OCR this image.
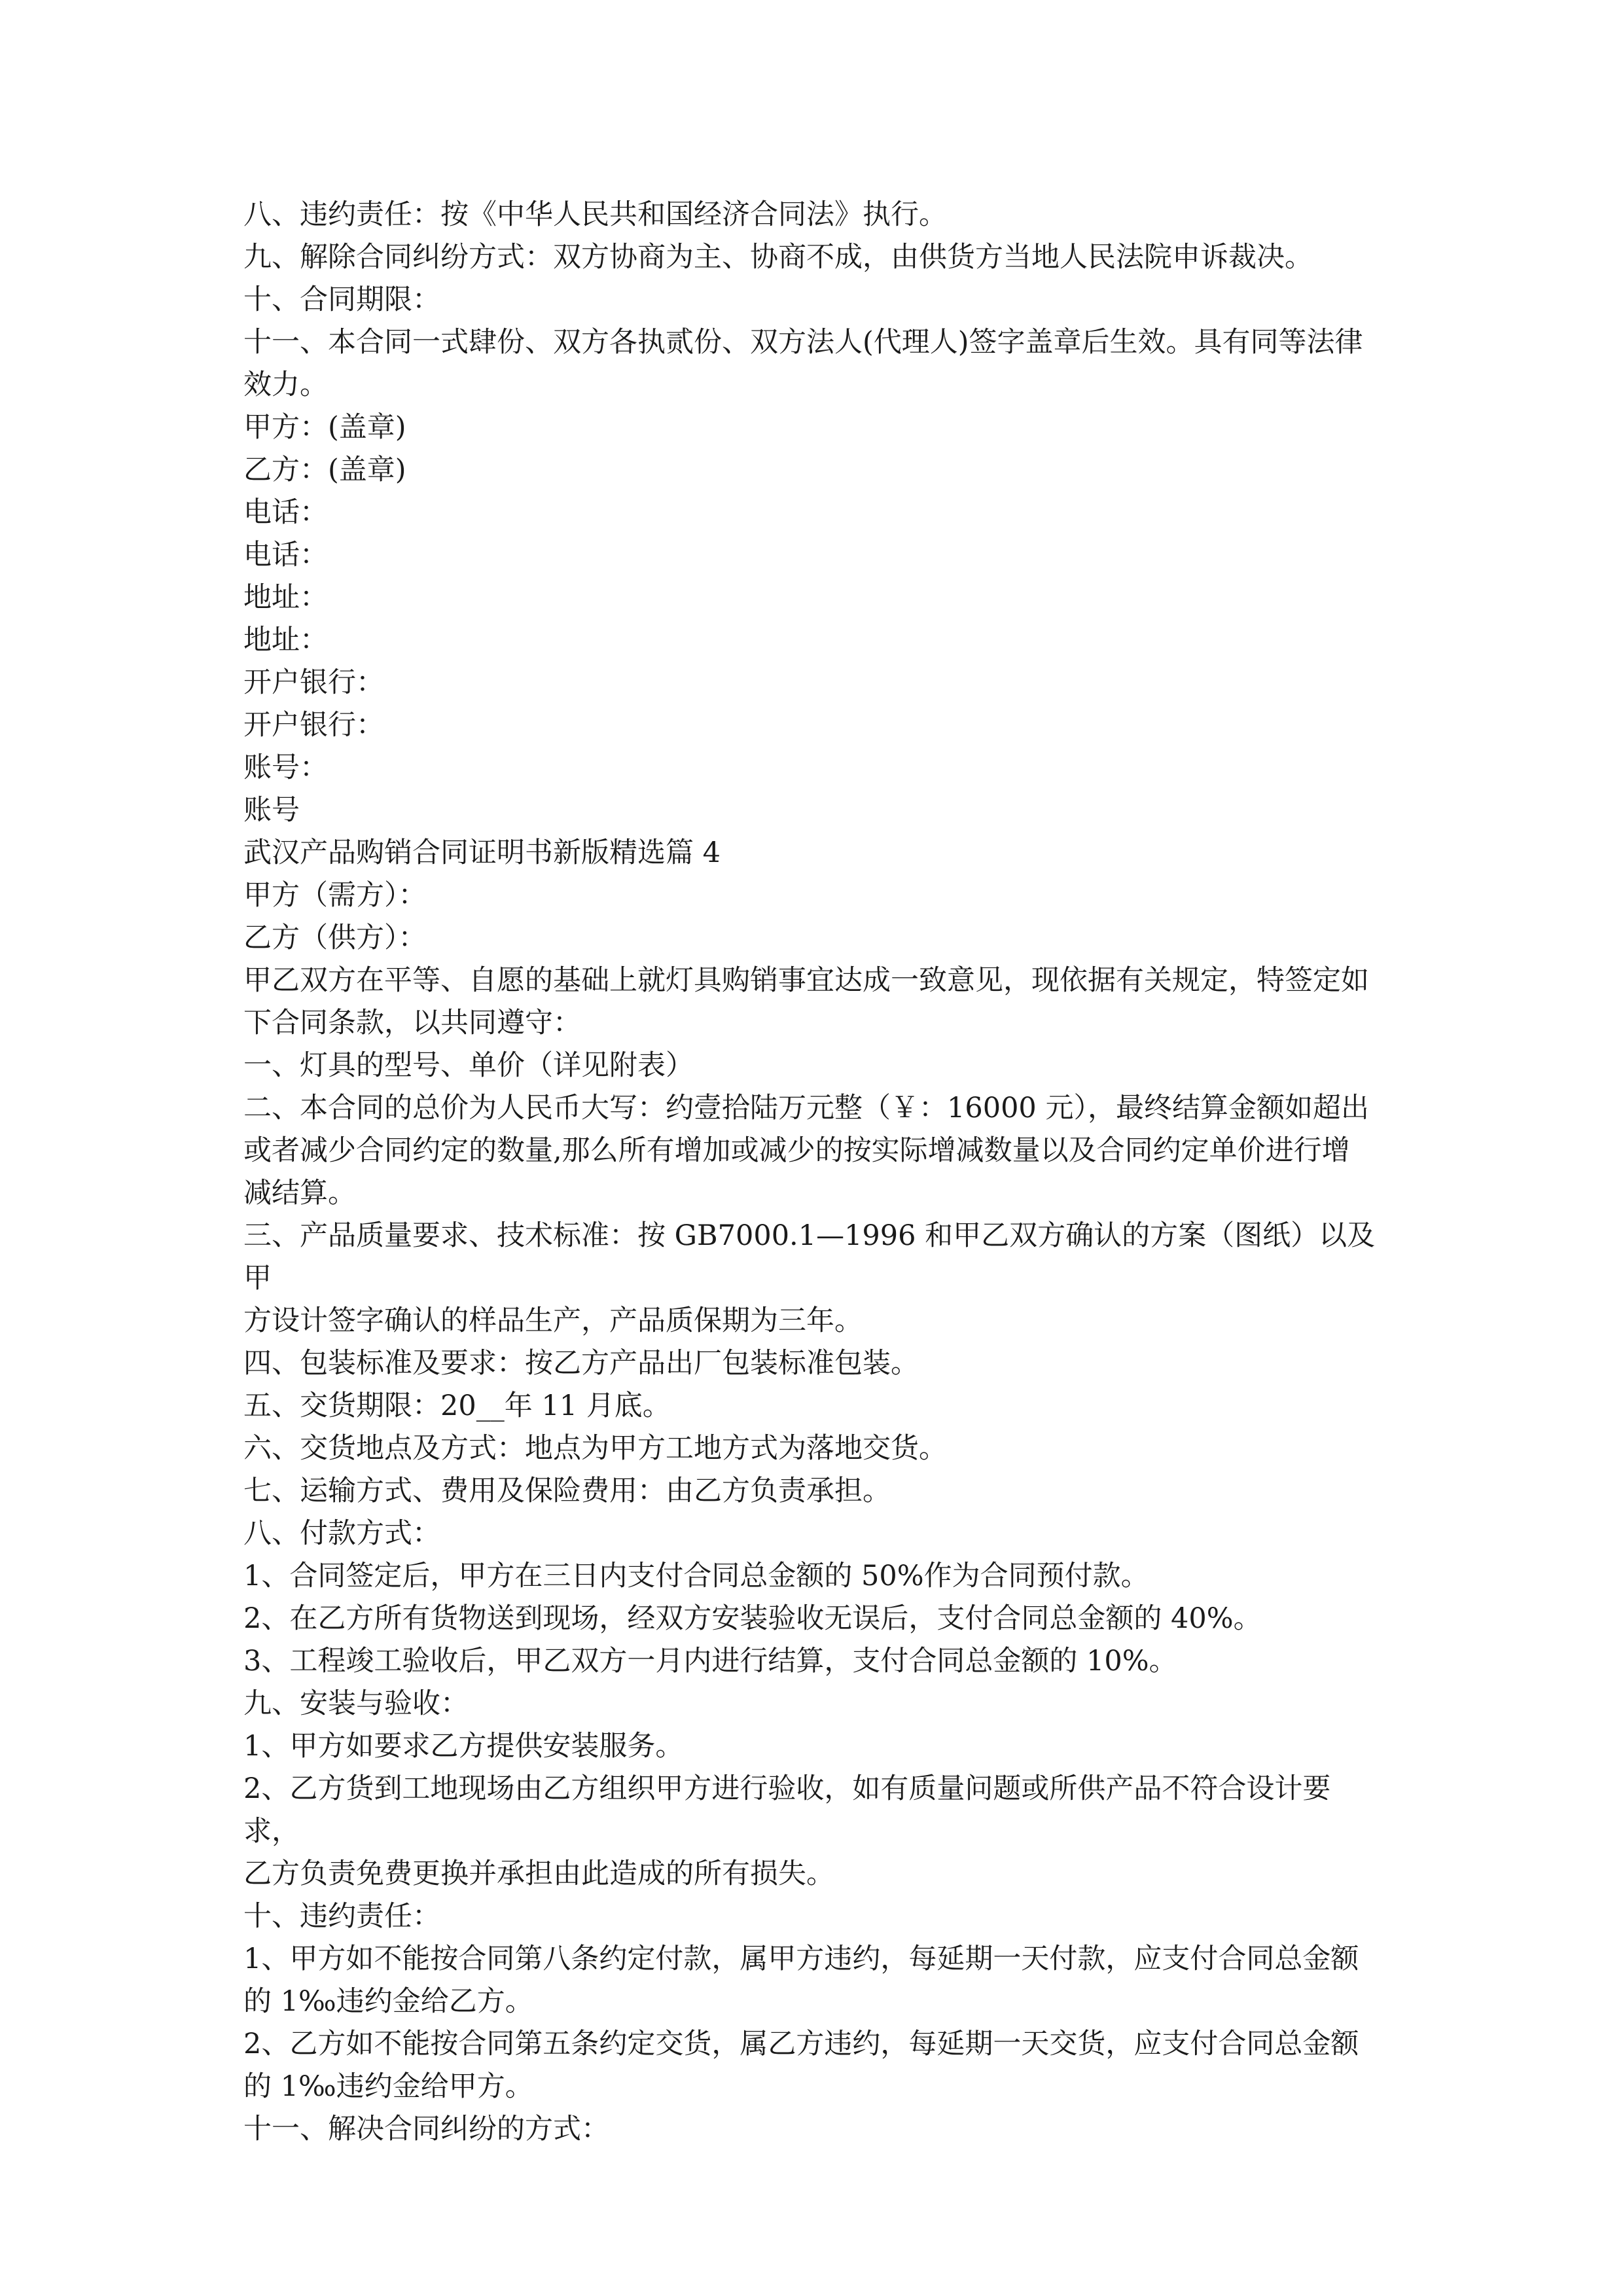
八、违约责任：按《中华人民共和国经济合同法》执行。

九、解除合同纠纷方式：双方协商为主、协商不成，由供货方当地人民法院申诉裁决。

十、合同期限：

十一、本合同一式肆份、双方各执贰份、双方法人(代理人)签字盖章后生效。具有同等法律

效力。

甲方：(盖章)

乙方：(盖章)

电话：

电话：

地址：

地址：

开户银行：

开户银行：

账号：

账号

武汉产品购销合同证明书新版精选篇 4

甲方（需方）：

乙方（供方）：

甲乙双方在平等、自愿的基础上就灯具购销事宜达成一致意见，现依据有关规定，特签定如

下合同条款，以共同遵守：

一、灯具的型号、单价（详见附表）

二、本合同的总价为人民币大写：约壹拾陆万元整（￥：16000 元），最终结算金额如超出

或者减少合同约定的数量,那么所有增加或减少的按实际增减数量以及合同约定单价进行增

减结算。

三、产品质量要求、技术标准：按 GB7000.1—1996 和甲乙双方确认的方案（图纸）以及甲

方设计签字确认的样品生产，产品质保期为三年。

四、包装标准及要求：按乙方产品出厂包装标准包装。

五、交货期限：20__年 11 月底。

六、交货地点及方式：地点为甲方工地方式为落地交货。

七、运输方式、费用及保险费用：由乙方负责承担。

八、付款方式：

1、合同签定后，甲方在三日内支付合同总金额的 50%作为合同预付款。

2、在乙方所有货物送到现场，经双方安装验收无误后，支付合同总金额的 40%。

3、工程竣工验收后，甲乙双方一月内进行结算，支付合同总金额的 10%。

九、安装与验收：

1、甲方如要求乙方提供安装服务。

2、乙方货到工地现场由乙方组织甲方进行验收，如有质量问题或所供产品不符合设计要求，

乙方负责免费更换并承担由此造成的所有损失。

十、违约责任：

1、甲方如不能按合同第八条约定付款，属甲方违约，每延期一天付款，应支付合同总金额

的 1‰违约金给乙方。

2、乙方如不能按合同第五条约定交货，属乙方违约，每延期一天交货，应支付合同总金额

的 1‰违约金给甲方。

十一、解决合同纠纷的方式：
